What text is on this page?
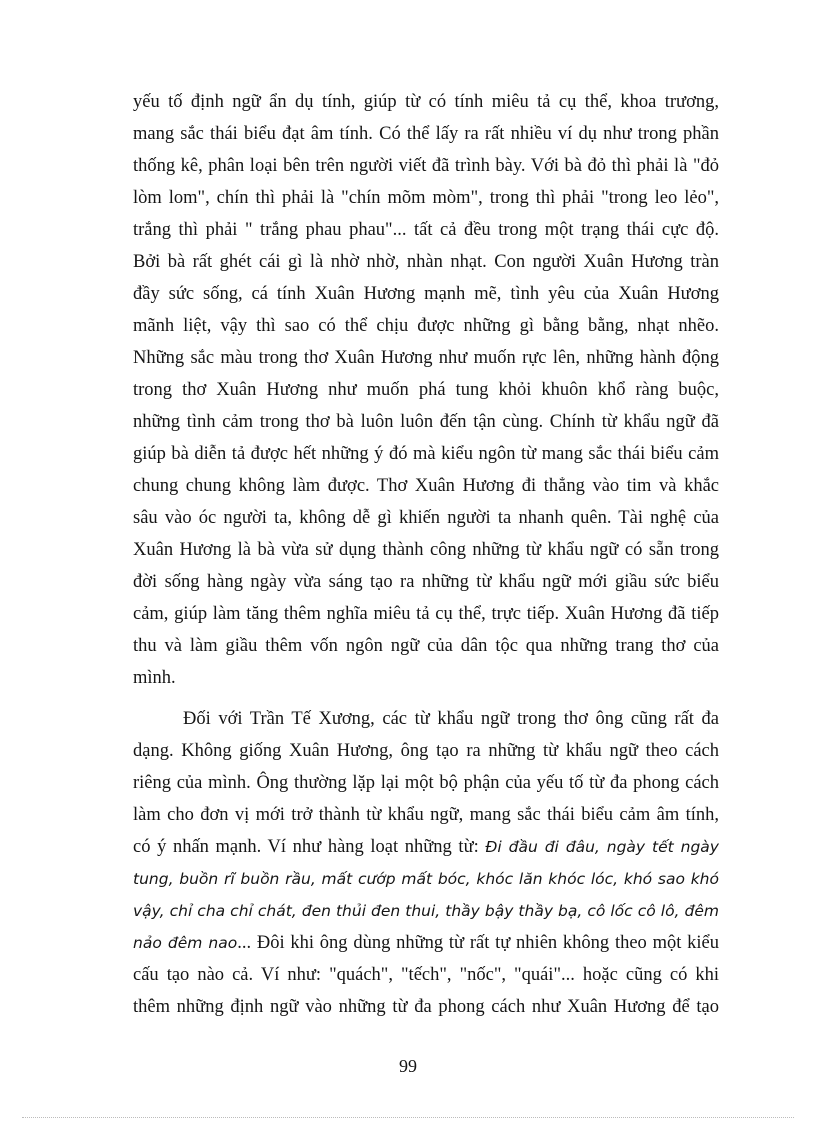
yếu tố định ngữ ẩn dụ tính, giúp từ có tính miêu tả cụ thể, khoa trương,
mang sắc thái biểu đạt âm tính. Có thể lấy ra rất nhiều ví dụ như trong phần
thống kê, phân loại bên trên người viết đã trình bày. Với bà đỏ thì phải là "đỏ
lòm lom", chín thì phải là "chín mõm mòm", trong thì phải "trong leo lẻo",
trắng thì phải " trắng phau phau"... tất cả đều trong một trạng thái cực độ.
Bởi bà rất ghét cái gì là nhờ nhờ, nhàn nhạt. Con người Xuân Hương tràn
đầy sức sống, cá tính Xuân Hương mạnh mẽ, tình yêu của Xuân Hương
mãnh liệt, vậy thì sao có thể chịu được những gì bằng bằng, nhạt nhẽo.
Những sắc màu trong thơ Xuân Hương như muốn rực lên, những hành động
trong thơ Xuân Hương như muốn phá tung khỏi khuôn khổ ràng buộc,
những tình cảm trong thơ bà luôn luôn đến tận cùng. Chính từ khẩu ngữ đã
giúp bà diễn tả được hết những ý đó mà kiểu ngôn từ mang sắc thái biểu cảm
chung chung không làm được. Thơ Xuân Hương đi thẳng vào tim và khắc
sâu vào óc người ta, không dễ gì khiến người ta nhanh quên. Tài nghệ của
Xuân Hương là bà vừa sử dụng thành công những từ khẩu ngữ có sẵn trong
đời sống hàng ngày vừa sáng tạo ra những từ khẩu ngữ mới giầu sức biểu
cảm, giúp làm tăng thêm nghĩa miêu tả cụ thể, trực tiếp. Xuân Hương đã tiếp
thu và làm giầu thêm vốn ngôn ngữ của dân tộc qua những trang thơ của
mình.
Đối với Trần Tế Xương, các từ khẩu ngữ trong thơ ông cũng rất đa
dạng. Không giống Xuân Hương, ông tạo ra những từ khẩu ngữ theo cách
riêng của mình. Ông thường lặp lại một bộ phận của yếu tố từ đa phong cách
làm cho đơn vị mới trở thành từ khẩu ngữ, mang sắc thái biểu cảm âm tính,
có ý nhấn mạnh. Ví như hàng loạt những từ: Đi đầu đi đâu, ngày tết ngày
tung, buồn rĩ buồn rầu, mất cướp mất bóc, khóc lăn khóc lóc, khó sao khó
vậy, chỉ cha chỉ chát, đen thủi đen thui, thầy bậy thầy bạ, cô lốc cô lô, đêm
nảo đêm nao... Đôi khi ông dùng những từ rất tự nhiên không theo một kiểu
cấu tạo nào cả. Ví như: "quách", "tếch", "nốc", "quái"... hoặc cũng có khi
thêm những định ngữ vào những từ đa phong cách như Xuân Hương để tạo
99
